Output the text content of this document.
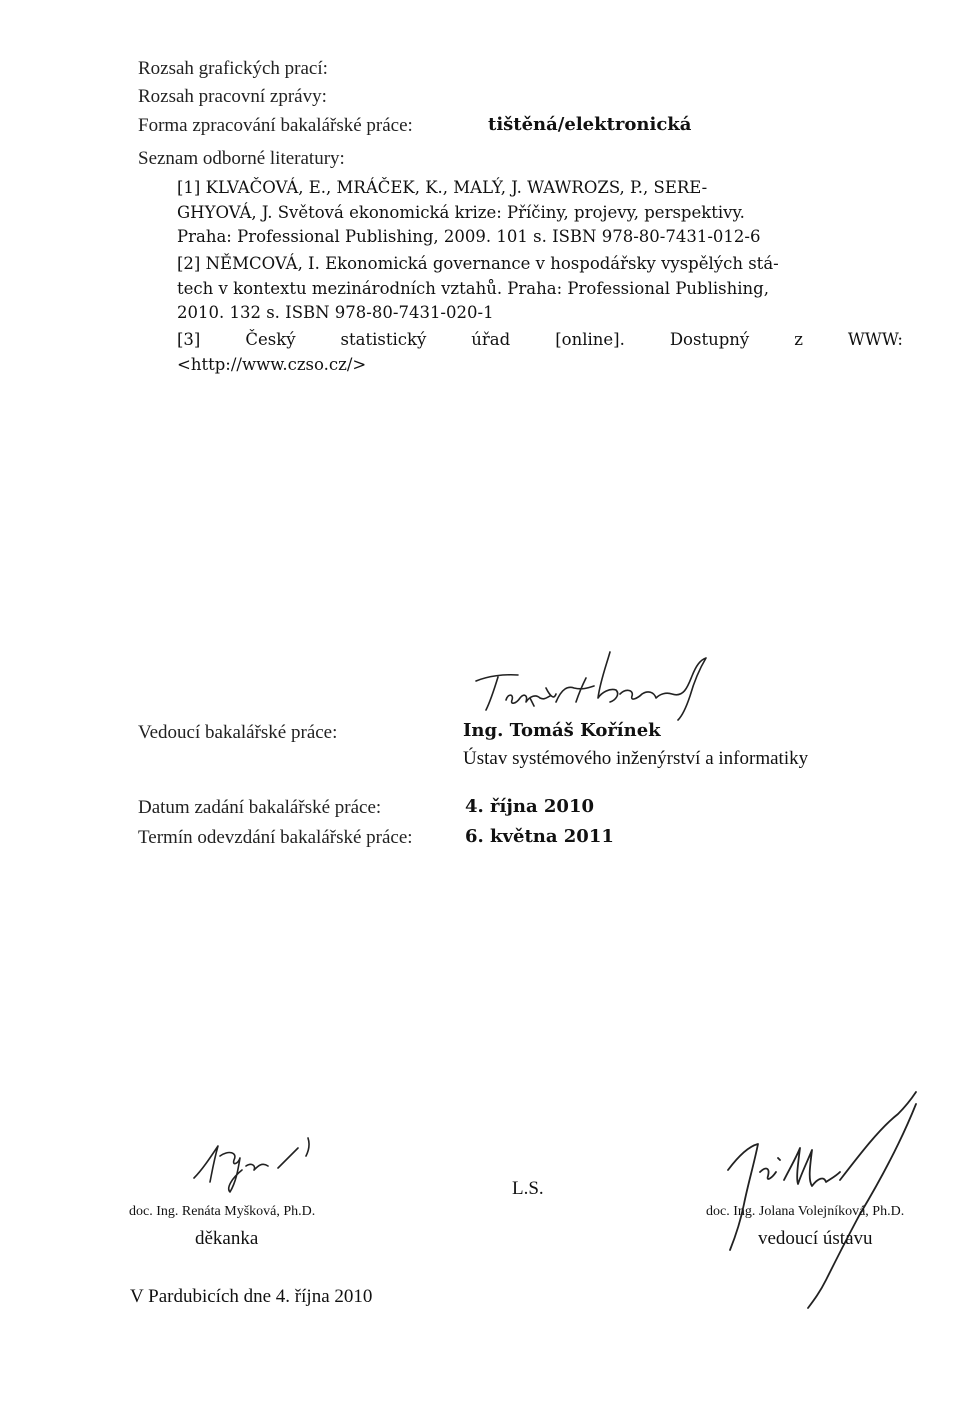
Rozsah grafických prací:
Rozsah pracovní zprávy:
Forma zpracování bakalářské práce:	tištěná/elektronická
Seznam odborné literatury:
[1] KLVAČOVÁ, E., MRÁČEK, K., MALÝ, J. WAWROZS, P., SERE-
GHYOVÁ, J. Světová ekonomická krize: Příčiny, projevy, perspektivy.
Praha: Professional Publishing, 2009. 101 s. ISBN 978-80-7431-012-6
[2] NĚMCOVÁ, I. Ekonomická governance v hospodářsky vyspělých stá-
tech v kontextu mezinárodních vztahů. Praha: Professional Publishing,
2010. 132 s. ISBN 978-80-7431-020-1
[3]	Český	statistický	úřad	[online].	Dostupný	z	WWW:
<http://www.czso.cz/>
Vedoucí bakalářské práce:	Ing. Tomáš Kořínek
Ústav systémového inženýrství a informatiky
Datum zadání bakalářské práce:	4. října 2010
Termín odevzdání bakalářské práce:	6. května 2011
doc. Ing. Renáta Myšková, Ph.D.
děkanka
L.S.
doc. Ing. Jolana Volejníková, Ph.D.
vedoucí ústavu
V Pardubicích dne 4. října 2010
